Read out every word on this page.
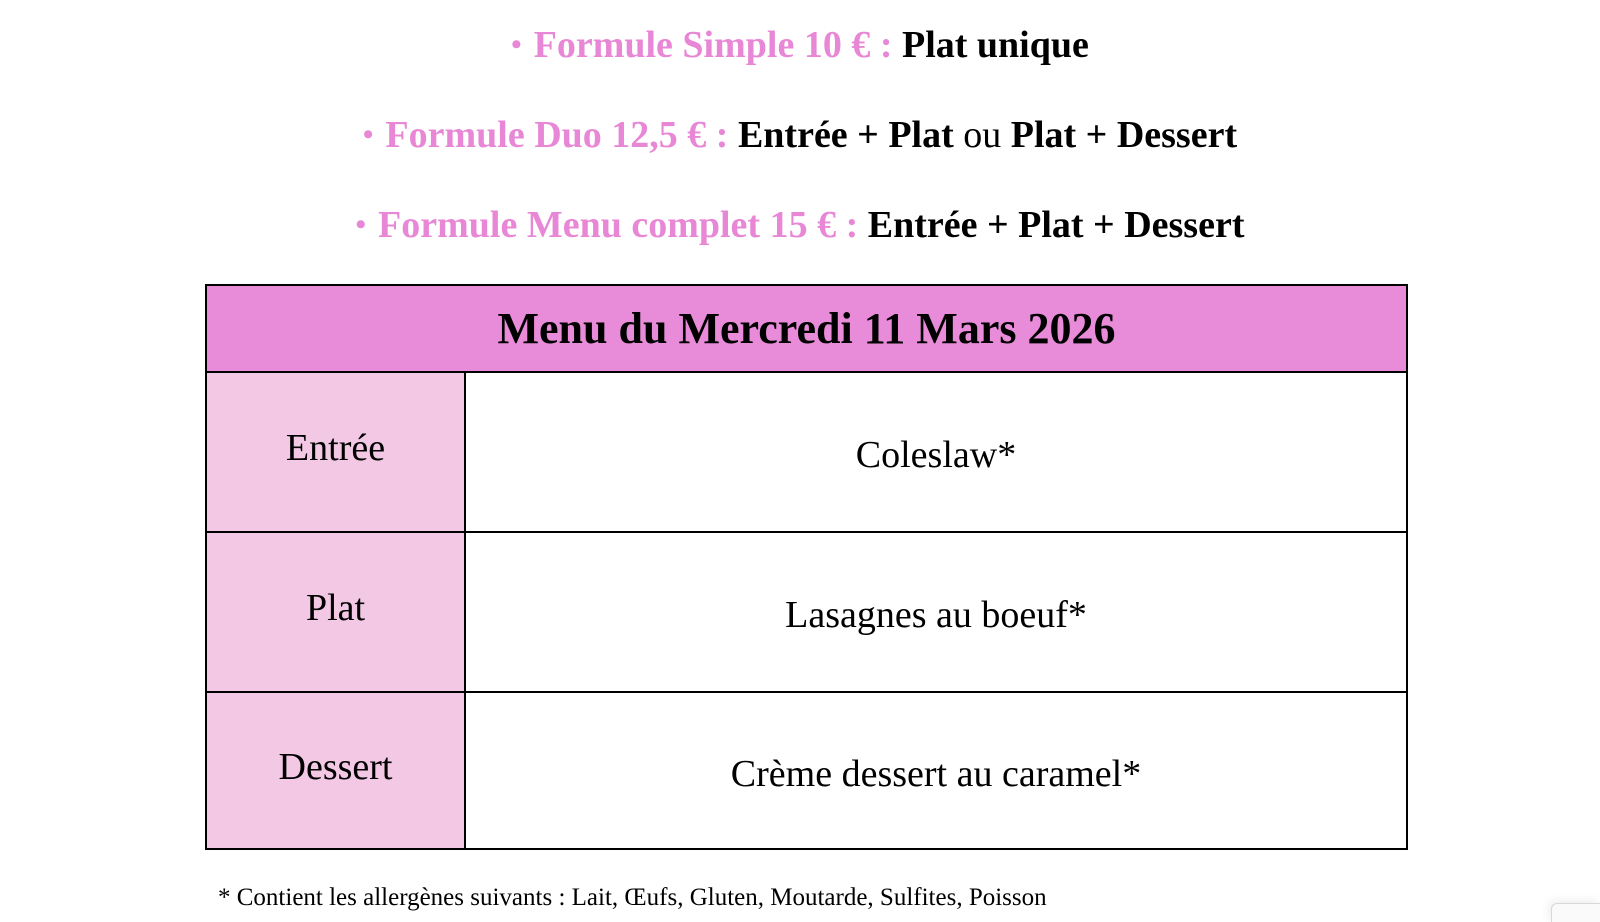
• Formule Simple 10 € : Plat unique
• Formule Duo 12,5 € : Entrée + Plat ou Plat + Dessert
• Formule Menu complet 15 € : Entrée + Plat + Dessert
Menu du Mercredi 11 Mars 2026
Entrée	Coleslaw*
Plat	Lasagnes au boeuf*
Dessert	Crème dessert au caramel*
* Contient les allergènes suivants : Lait, Œufs, Gluten, Moutarde, Sulfites, Poisson
